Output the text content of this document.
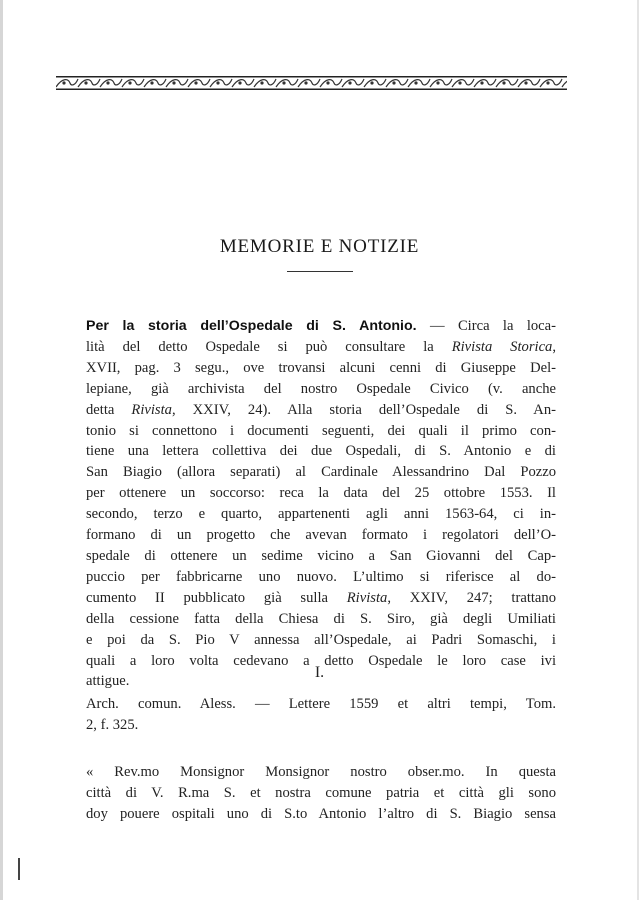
MEMORIE E NOTIZIE
Per la storia dell’Ospedale di S. Antonio. — Circa la loca-
lità del detto Ospedale si può consultare la Rivista Storica,
XVII, pag. 3 segu., ove trovansi alcuni cenni di Giuseppe Del-
lepiane, già archivista del nostro Ospedale Civico (v. anche
detta Rivista, XXIV, 24). Alla storia dell’Ospedale di S. An-
tonio si connettono i documenti seguenti, dei quali il primo con-
tiene una lettera collettiva dei due Ospedali, di S. Antonio e di
San Biagio (allora separati) al Cardinale Alessandrino Dal Pozzo
per ottenere un soccorso: reca la data del 25 ottobre 1553. Il
secondo, terzo e quarto, appartenenti agli anni 1563-64, ci in-
formano di un progetto che avevan formato i regolatori dell’O-
spedale di ottenere un sedime vicino a San Giovanni del Cap-
puccio per fabbricarne uno nuovo. L’ultimo si riferisce al do-
cumento II pubblicato già sulla Rivista, XXIV, 247; trattano
della cessione fatta della Chiesa di S. Siro, già degli Umiliati
e poi da S. Pio V annessa all’Ospedale, ai Padri Somaschi, i
quali a loro volta cedevano a detto Ospedale le loro case ivi
attigue.
I.
Arch. comun. Aless. — Lettere 1559 et altri tempi, Tom.
2, f. 325.
« Rev.mo Monsignor Monsignor nostro obser.mo. In questa
città di V. R.ma S. et nostra comune patria et città gli sono
doy pouere ospitali uno di S.to Antonio l’altro di S. Biagio sensa
